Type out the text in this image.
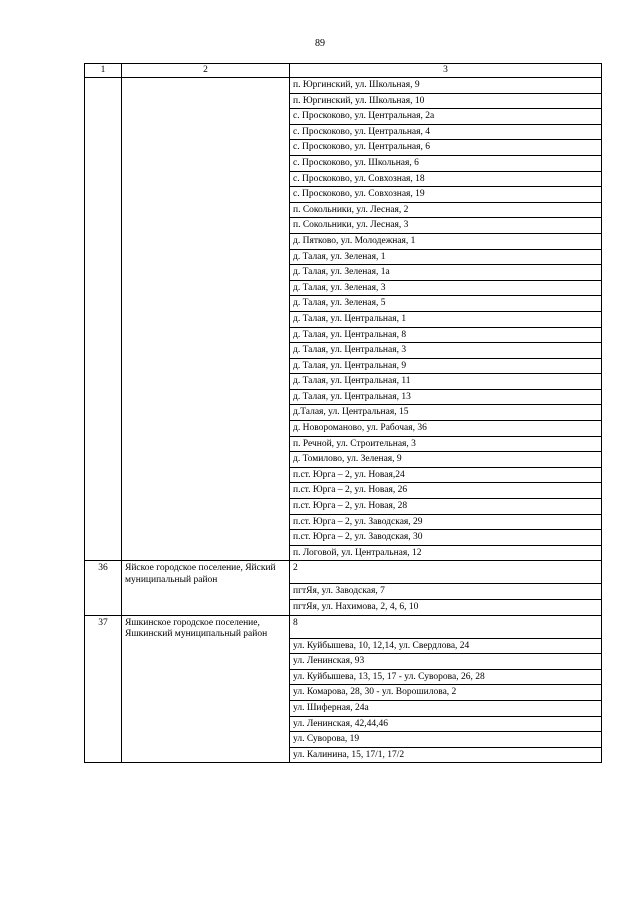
89
1	2	3
		п. Юргинский, ул. Школьная, 9
		п. Юргинский, ул. Школьная, 10
		с. Проскоково, ул. Центральная, 2а
		с. Проскоково, ул. Центральная, 4
		с. Проскоково, ул. Центральная, 6
		с. Проскоково, ул. Школьная, 6
		с. Проскоково, ул. Совхозная, 18
		с. Проскоково, ул. Совхозная, 19
		п. Сокольники, ул. Лесная, 2
		п. Сокольники, ул. Лесная, 3
		д. Пятково, ул. Молодежная, 1
		д. Талая, ул. Зеленая, 1
		д. Талая, ул. Зеленая, 1а
		д. Талая, ул. Зеленая, 3
		д. Талая, ул. Зеленая, 5
		д. Талая, ул. Центральная, 1
		д. Талая, ул. Центральная, 8
		д. Талая, ул. Центральная, 3
		д. Талая, ул. Центральная, 9
		д. Талая, ул. Центральная, 11
		д. Талая, ул. Центральная, 13
		д.Талая, ул. Центральная, 15
		д. Новороманово, ул. Рабочая, 36
		п. Речной, ул. Строительная, 3
		д. Томилово, ул. Зеленая, 9
		п.ст. Юрга – 2, ул. Новая,24
		п.ст. Юрга – 2, ул. Новая, 26
		п.ст. Юрга – 2, ул. Новая, 28
		п.ст. Юрга – 2, ул. Заводская, 29
		п.ст. Юрга – 2, ул. Заводская, 30
		п. Логовой, ул. Центральная, 12
36	Яйское городское поселение, Яйский муниципальный район	2
		пгтЯя, ул. Заводская, 7
		пгтЯя, ул. Нахимова, 2, 4, 6, 10
37	Яшкинское городское поселение, Яшкинский муниципальный район	8
		ул. Куйбышева, 10, 12,14, ул. Свердлова, 24
		ул. Ленинская, 93
		ул. Куйбышева, 13, 15, 17 - ул. Суворова, 26, 28
		ул. Комарова, 28, 30 - ул. Ворошилова, 2
		ул. Шиферная, 24а
		ул. Ленинская, 42,44,46
		ул. Суворова, 19
		ул. Калинина, 15, 17/1, 17/2
